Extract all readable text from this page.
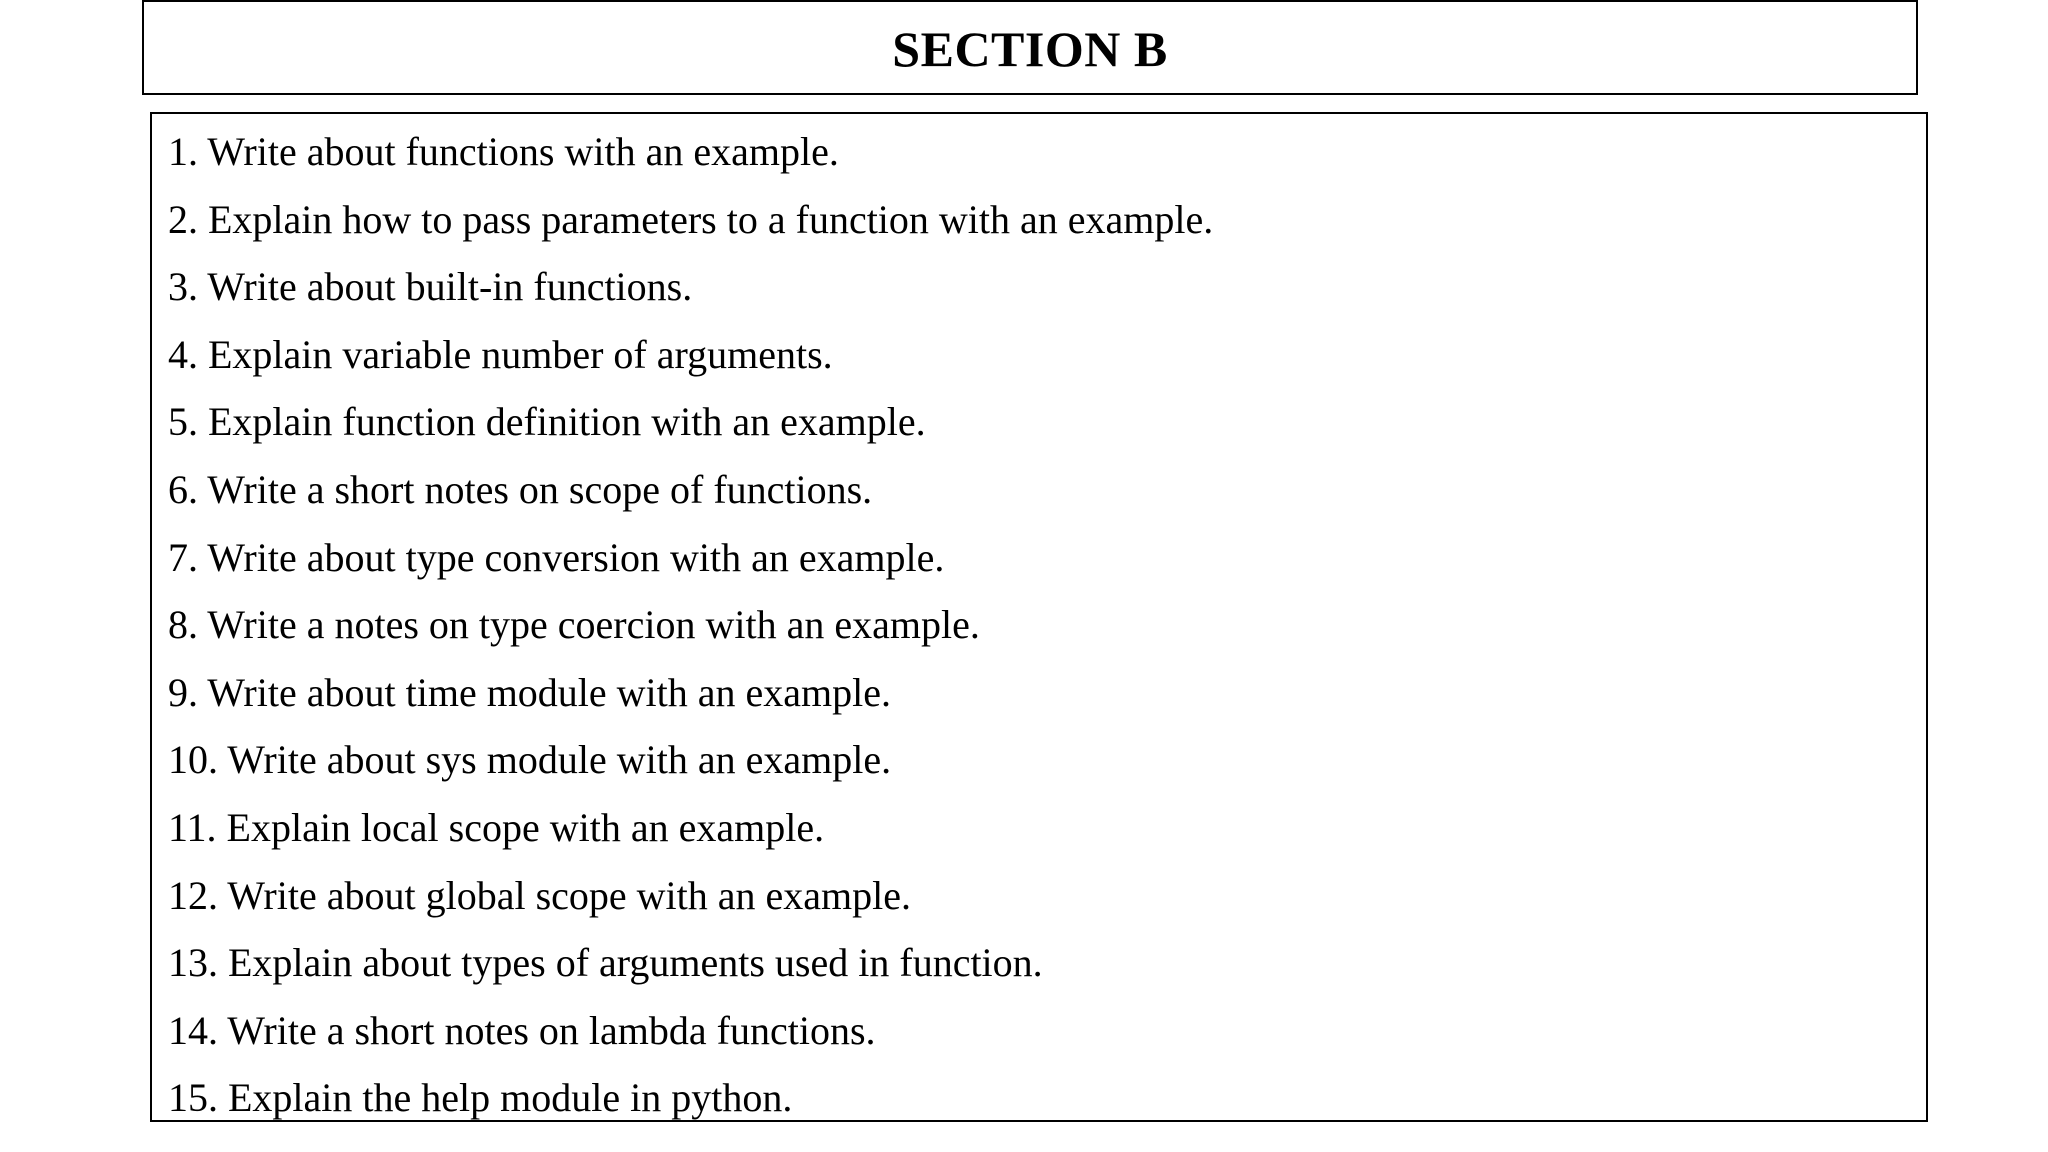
SECTION B
1. Write about functions with an example.
2. Explain how to pass parameters to a function with an example.
3. Write about built-in functions.
4. Explain variable number of arguments.
5. Explain function definition with an example.
6. Write a short notes on scope of functions.
7. Write about type conversion with an example.
8. Write a notes on type coercion with an example.
9. Write about time module with an example.
10. Write about sys module with an example.
11. Explain local scope with an example.
12. Write about global scope with an example.
13. Explain about types of arguments used in function.
14. Write a short notes on lambda functions.
15. Explain the help module in python.
